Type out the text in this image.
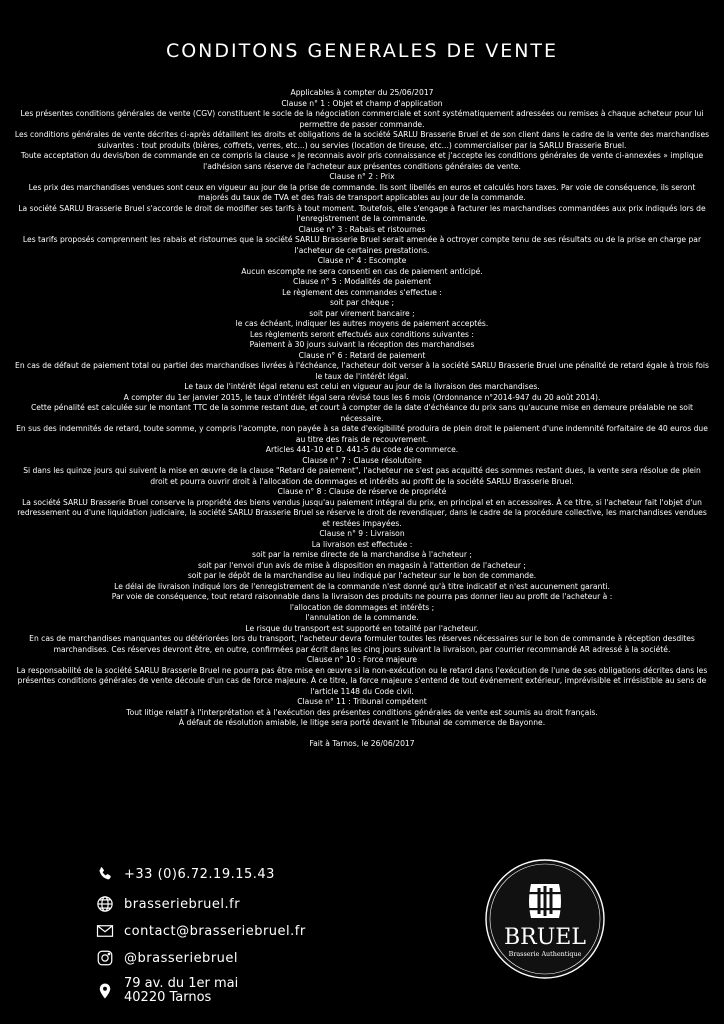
CONDITONS GENERALES DE VENTE

Applicables à compter du 25/06/2017

Clause n° 1 : Objet et champ d'application

Les présentes conditions générales de vente (CGV) constituent le socle de la négociation commerciale et sont systématiquement adressées ou remises à chaque acheteur pour lui permettre de passer commande.

Les conditions générales de vente décrites ci-après détaillent les droits et obligations de la société SARLU Brasserie Bruel et de son client dans le cadre de la vente des marchandises suivantes : tout produits (bières, coffrets, verres, etc...) ou servies (location de tireuse, etc...) commercialiser par la SARLU Brasserie Bruel.

Toute acceptation du devis/bon de commande en ce compris la clause « Je reconnais avoir pris connaissance et j'accepte les conditions générales de vente ci-annexées » implique l'adhésion sans réserve de l'acheteur aux présentes conditions générales de vente.

Clause n° 2 : Prix

Les prix des marchandises vendues sont ceux en vigueur au jour de la prise de commande. Ils sont libellés en euros et calculés hors taxes. Par voie de conséquence, ils seront majorés du taux de TVA et des frais de transport applicables au jour de la commande.

La société SARLU Brasserie Bruel s'accorde le droit de modifier ses tarifs à tout moment. Toutefois, elle s'engage à facturer les marchandises commandées aux prix indiqués lors de l'enregistrement de la commande.

Clause n° 3 : Rabais et ristournes

Les tarifs proposés comprennent les rabais et ristournes que la société SARLU Brasserie Bruel serait amenée à octroyer compte tenu de ses résultats ou de la prise en charge par l'acheteur de certaines prestations.

Clause n° 4 : Escompte

Aucun escompte ne sera consenti en cas de paiement anticipé.

Clause n° 5 : Modalités de paiement

Le règlement des commandes s'effectue :

soit par chèque ;

soit par virement bancaire ;

le cas échéant, indiquer les autres moyens de paiement acceptés.

Les règlements seront effectués aux conditions suivantes :

Paiement à 30 jours suivant la réception des marchandises

Clause n° 6 : Retard de paiement

En cas de défaut de paiement total ou partiel des marchandises livrées à l'échéance, l'acheteur doit verser à la société SARLU Brasserie Bruel une pénalité de retard égale à trois fois le taux de l'intérêt légal.

Le taux de l'intérêt légal retenu est celui en vigueur au jour de la livraison des marchandises.

A compter du 1er janvier 2015, le taux d'intérêt légal sera révisé tous les 6 mois (Ordonnance n°2014-947 du 20 août 2014).

Cette pénalité est calculée sur le montant TTC de la somme restant due, et court à compter de la date d'échéance du prix sans qu'aucune mise en demeure préalable ne soit nécessaire.

En sus des indemnités de retard, toute somme, y compris l'acompte, non payée à sa date d'exigibilité produira de plein droit le paiement d'une indemnité forfaitaire de 40 euros due au titre des frais de recouvrement.

Articles 441-10 et D. 441-5 du code de commerce.

Clause n° 7 : Clause résolutoire

Si dans les quinze jours qui suivent la mise en œuvre de la clause "Retard de paiement", l'acheteur ne s'est pas acquitté des sommes restant dues, la vente sera résolue de plein droit et pourra ouvrir droit à l'allocation de dommages et intérêts au profit de la société SARLU Brasserie Bruel.

Clause n° 8 : Clause de réserve de propriété

La société SARLU Brasserie Bruel conserve la propriété des biens vendus jusqu'au paiement intégral du prix, en principal et en accessoires. À ce titre, si l'acheteur fait l'objet d'un redressement ou d'une liquidation judiciaire, la société SARLU Brasserie Bruel se réserve le droit de revendiquer, dans le cadre de la procédure collective, les marchandises vendues et restées impayées.

Clause n° 9 : Livraison

La livraison est effectuée :

soit par la remise directe de la marchandise à l'acheteur ;

soit par l'envoi d'un avis de mise à disposition en magasin à l'attention de l'acheteur ;

soit par le dépôt de la marchandise au lieu indiqué par l'acheteur sur le bon de commande.

Le délai de livraison indiqué lors de l'enregistrement de la commande n'est donné qu'à titre indicatif et n'est aucunement garanti.

Par voie de conséquence, tout retard raisonnable dans la livraison des produits ne pourra pas donner lieu au profit de l'acheteur à :

l'allocation de dommages et intérêts ;

l'annulation de la commande.

Le risque du transport est supporté en totalité par l'acheteur.

En cas de marchandises manquantes ou détériorées lors du transport, l'acheteur devra formuler toutes les réserves nécessaires sur le bon de commande à réception desdites marchandises. Ces réserves devront être, en outre, confirmées par écrit dans les cinq jours suivant la livraison, par courrier recommandé AR adressé à la société.

Clause n° 10 : Force majeure

La responsabilité de la société SARLU Brasserie Bruel ne pourra pas être mise en œuvre si la non-exécution ou le retard dans l'exécution de l'une de ses obligations décrites dans les présentes conditions générales de vente découle d'un cas de force majeure. À ce titre, la force majeure s'entend de tout événement extérieur, imprévisible et irrésistible au sens de l'article 1148 du Code civil.

Clause n° 11 : Tribunal compétent

Tout litige relatif à l'interprétation et à l'exécution des présentes conditions générales de vente est soumis au droit français.

À défaut de résolution amiable, le litige sera porté devant le Tribunal de commerce de Bayonne.

Fait à Tarnos, le 26/06/2017

+33 (0)6.72.19.15.43
brasseriebruel.fr
contact@brasseriebruel.fr
@brasseriebruel
79 av. du 1er mai
40220 Tarnos
BRUEL
Brasserie Authentique
